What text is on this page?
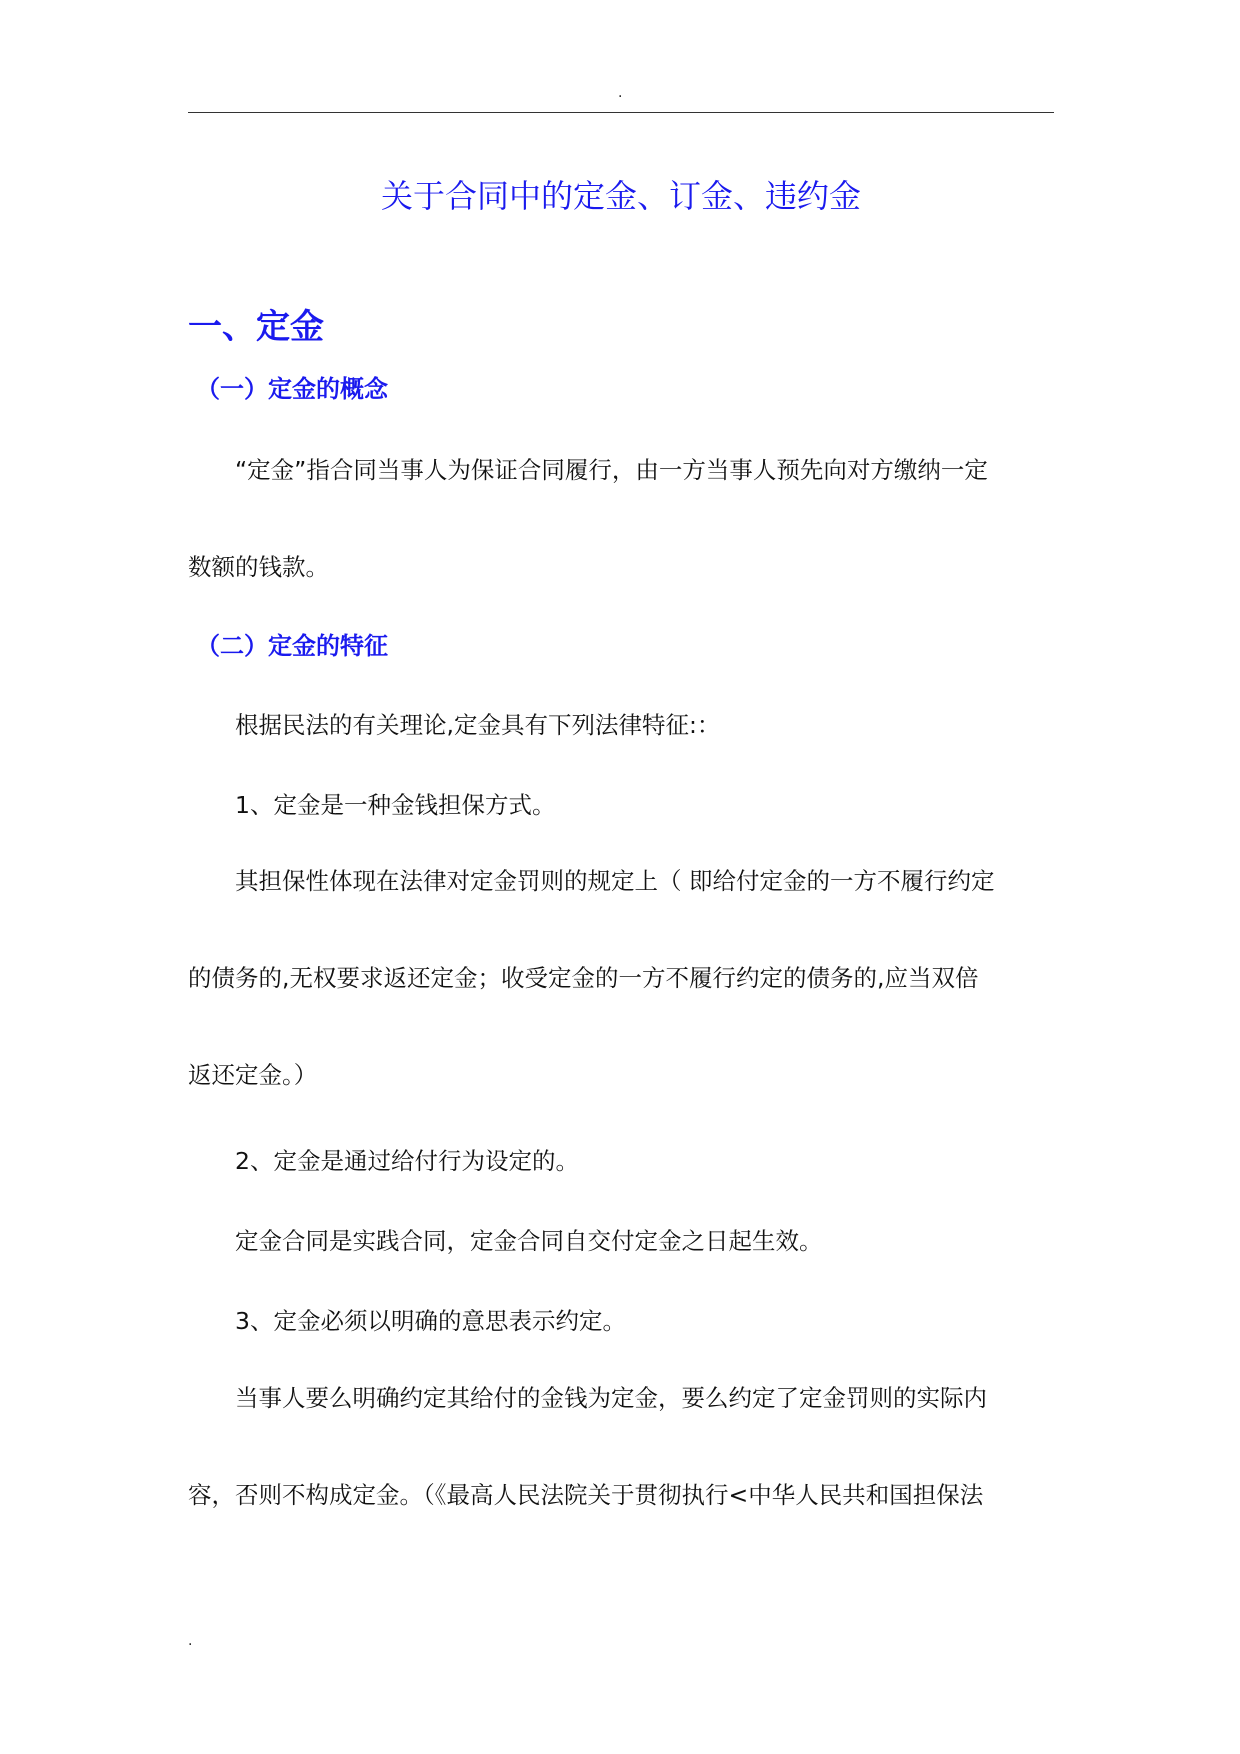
.
关于合同中的定金、订金、违约金
一、定金
（一）定金的概念

“定金”指合同当事人为保证合同履行，由一方当事人预先向对方缴纳一定
数额的钱款。

（二）定金的特征

根据民法的有关理论,定金具有下列法律特征:：

1、定金是一种金钱担保方式。

其担保性体现在法律对定金罚则的规定上（ 即给付定金的一方不履行约定
的债务的,无权要求返还定金；收受定金的一方不履行约定的债务的,应当双倍
返还定金。）

2、定金是通过给付行为设定的。

定金合同是实践合同，定金合同自交付定金之日起生效。

3、定金必须以明确的意思表示约定。

当事人要么明确约定其给付的金钱为定金，要么约定了定金罚则的实际内
容，否则不构成定金。（《最高人民法院关于贯彻执行<中华人民共和国担保法

.
